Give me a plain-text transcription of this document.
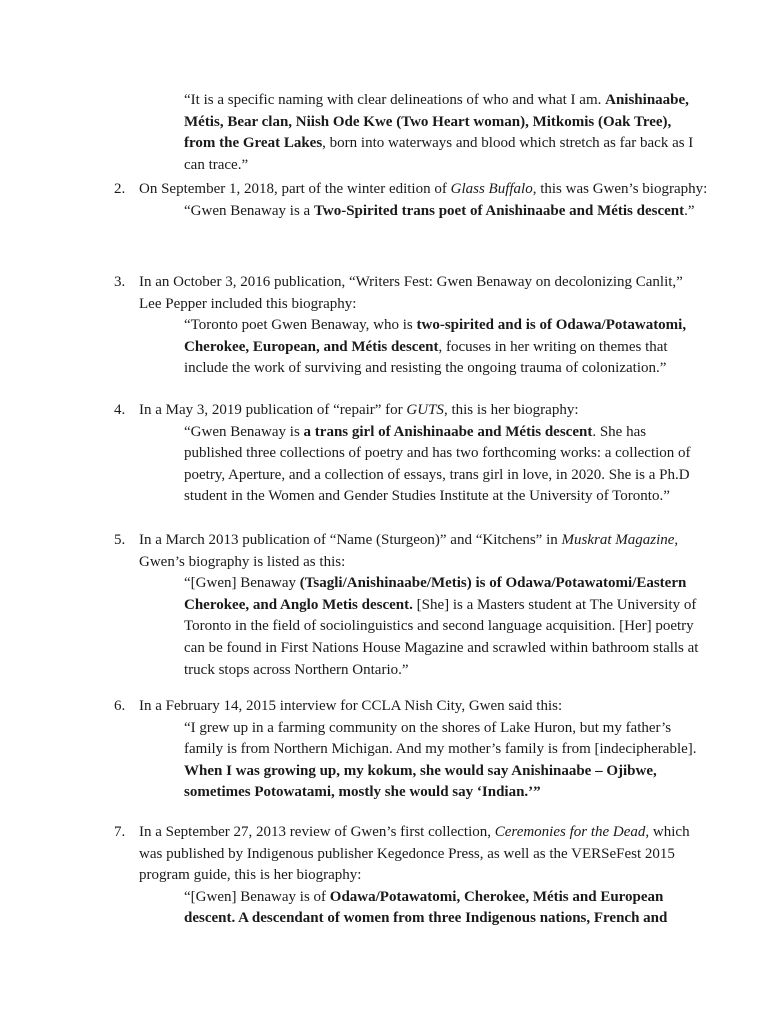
“It is a specific naming with clear delineations of who and what I am. Anishinaabe, Métis, Bear clan, Niish Ode Kwe (Two Heart woman), Mitkomis (Oak Tree), from the Great Lakes, born into waterways and blood which stretch as far back as I can trace.”

2. On September 1, 2018, part of the winter edition of Glass Buffalo, this was Gwen’s biography:

“Gwen Benaway is a Two-Spirited trans poet of Anishinaabe and Métis descent.”

3. In an October 3, 2016 publication, “Writers Fest: Gwen Benaway on decolonizing Canlit,” Lee Pepper included this biography:

“Toronto poet Gwen Benaway, who is two-spirited and is of Odawa/Potawatomi, Cherokee, European, and Métis descent, focuses in her writing on themes that include the work of surviving and resisting the ongoing trauma of colonization.”

4. In a May 3, 2019 publication of “repair” for GUTS, this is her biography:

“Gwen Benaway is a trans girl of Anishinaabe and Métis descent. She has published three collections of poetry and has two forthcoming works: a collection of poetry, Aperture, and a collection of essays, trans girl in love, in 2020. She is a Ph.D student in the Women and Gender Studies Institute at the University of Toronto.”

5. In a March 2013 publication of “Name (Sturgeon)” and “Kitchens” in Muskrat Magazine, Gwen’s biography is listed as this:

“[Gwen] Benaway (Tsagli/Anishinaabe/Metis) is of Odawa/Potawatomi/Eastern Cherokee, and Anglo Metis descent. [She] is a Masters student at The University of Toronto in the field of sociolinguistics and second language acquisition. [Her] poetry can be found in First Nations House Magazine and scrawled within bathroom stalls at truck stops across Northern Ontario.”

6. In a February 14, 2015 interview for CCLA Nish City, Gwen said this:

“I grew up in a farming community on the shores of Lake Huron, but my father’s family is from Northern Michigan. And my mother’s family is from [indecipherable]. When I was growing up, my kokum, she would say Anishinaabe – Ojibwe, sometimes Potowatami, mostly she would say ‘Indian.’”

7. In a September 27, 2013 review of Gwen’s first collection, Ceremonies for the Dead, which was published by Indigenous publisher Kegedonce Press, as well as the VERSeFest 2015 program guide, this is her biography:

“[Gwen] Benaway is of Odawa/Potawatomi, Cherokee, Métis and European descent. A descendant of women from three Indigenous nations, French and
